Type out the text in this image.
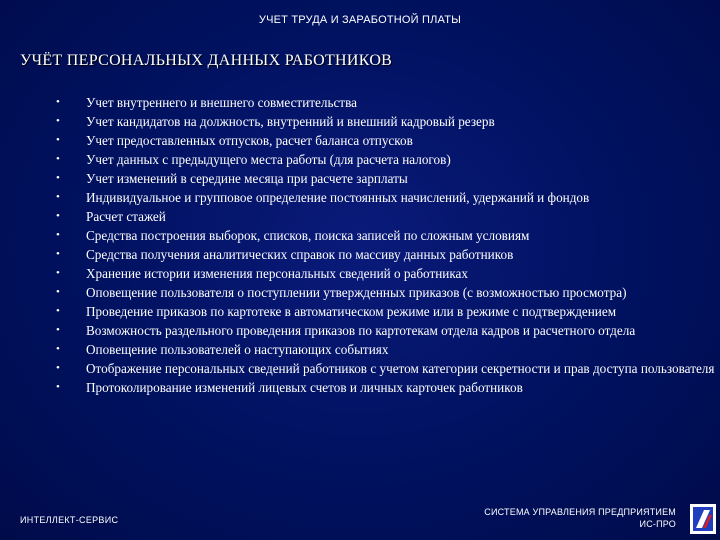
УЧЕТ ТРУДА И ЗАРАБОТНОЙ ПЛАТЫ
УЧЁТ ПЕРСОНАЛЬНЫХ ДАННЫХ РАБОТНИКОВ
• Учет внутреннего и внешнего совместительства
• Учет кандидатов на должность, внутренний и внешний кадровый резерв
• Учет предоставленных отпусков, расчет баланса отпусков
• Учет данных с предыдущего места работы (для расчета налогов)
• Учет изменений в середине месяца при расчете зарплаты
• Индивидуальное и групповое определение постоянных начислений, удержаний и фондов
• Расчет стажей
• Средства построения выборок, списков, поиска записей по сложным условиям
• Средства получения аналитических справок по массиву данных работников
• Хранение истории изменения персональных сведений о работниках
• Оповещение пользователя о поступлении утвержденных приказов (с возможностью просмотра)
• Проведение приказов по картотеке в автоматическом режиме или в режиме с подтверждением
• Возможность раздельного проведения приказов по картотекам отдела кадров и расчетного отдела
• Оповещение пользователей о наступающих событиях
• Отображение персональных сведений работников с учетом категории секретности и прав доступа пользователя
• Протоколирование изменений лицевых счетов и личных карточек работников
ИНТЕЛЛЕКТ-СЕРВИС
СИСТЕМА УПРАВЛЕНИЯ ПРЕДПРИЯТИЕМ
ИС-ПРО
